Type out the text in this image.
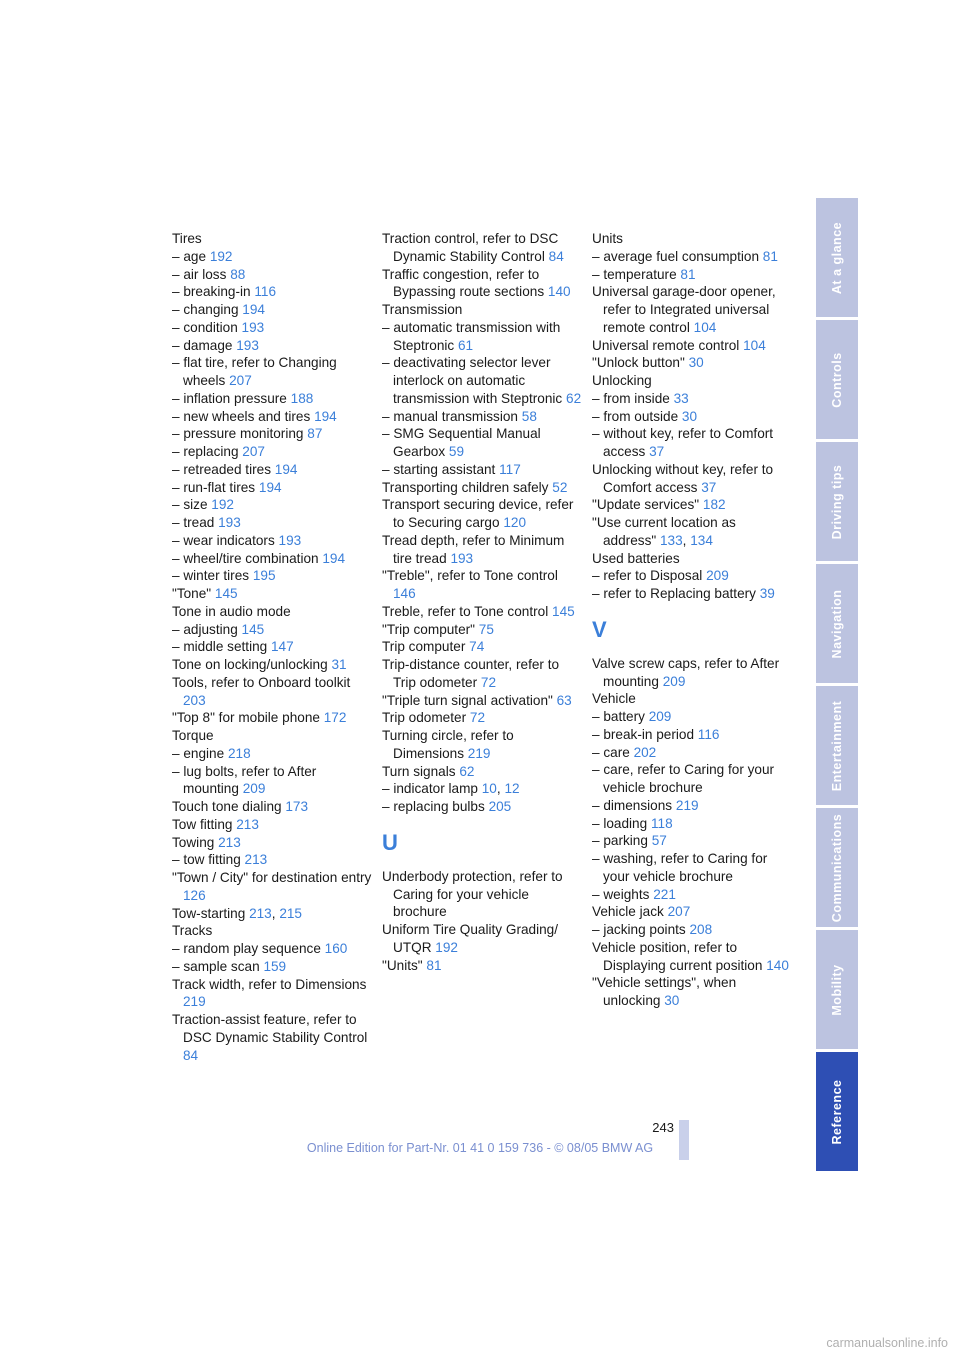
Tires
– age 192
– air loss 88
– breaking-in 116
– changing 194
– condition 193
– damage 193
– flat tire, refer to Changing wheels 207
– inflation pressure 188
– new wheels and tires 194
– pressure monitoring 87
– replacing 207
– retreaded tires 194
– run-flat tires 194
– size 192
– tread 193
– wear indicators 193
– wheel/tire combination 194
– winter tires 195
"Tone" 145
Tone in audio mode
– adjusting 145
– middle setting 147
Tone on locking/unlocking 31
Tools, refer to Onboard toolkit 203
"Top 8" for mobile phone 172
Torque
– engine 218
– lug bolts, refer to After mounting 209
Touch tone dialing 173
Tow fitting 213
Towing 213
– tow fitting 213
"Town / City" for destination entry 126
Tow-starting 213, 215
Tracks
– random play sequence 160
– sample scan 159
Track width, refer to Dimensions 219
Traction-assist feature, refer to DSC Dynamic Stability Control 84
Traction control, refer to DSC Dynamic Stability Control 84
Traffic congestion, refer to Bypassing route sections 140
Transmission
– automatic transmission with Steptronic 61
– deactivating selector lever interlock on automatic transmission with Steptronic 62
– manual transmission 58
– SMG Sequential Manual Gearbox 59
– starting assistant 117
Transporting children safely 52
Transport securing device, refer to Securing cargo 120
Tread depth, refer to Minimum tire tread 193
"Treble", refer to Tone control 146
Treble, refer to Tone control 145
"Trip computer" 75
Trip computer 74
Trip-distance counter, refer to Trip odometer 72
"Triple turn signal activation" 63
Trip odometer 72
Turning circle, refer to Dimensions 219
Turn signals 62
– indicator lamp 10, 12
– replacing bulbs 205
U
Underbody protection, refer to Caring for your vehicle brochure
Uniform Tire Quality Grading/ UTQR 192
"Units" 81
Units
– average fuel consumption 81
– temperature 81
Universal garage-door opener, refer to Integrated universal remote control 104
Universal remote control 104
"Unlock button" 30
Unlocking
– from inside 33
– from outside 30
– without key, refer to Comfort access 37
Unlocking without key, refer to Comfort access 37
"Update services" 182
"Use current location as address" 133, 134
Used batteries
– refer to Disposal 209
– refer to Replacing battery 39
V
Valve screw caps, refer to After mounting 209
Vehicle
– battery 209
– break-in period 116
– care 202
– care, refer to Caring for your vehicle brochure
– dimensions 219
– loading 118
– parking 57
– washing, refer to Caring for your vehicle brochure
– weights 221
Vehicle jack 207
– jacking points 208
Vehicle position, refer to Displaying current position 140
"Vehicle settings", when unlocking 30
At a glance
Controls
Driving tips
Navigation
Entertainment
Communications
Mobility
Reference
243
Online Edition for Part-Nr. 01 41 0 159 736 - © 08/05 BMW AG
carmanualsonline.info
